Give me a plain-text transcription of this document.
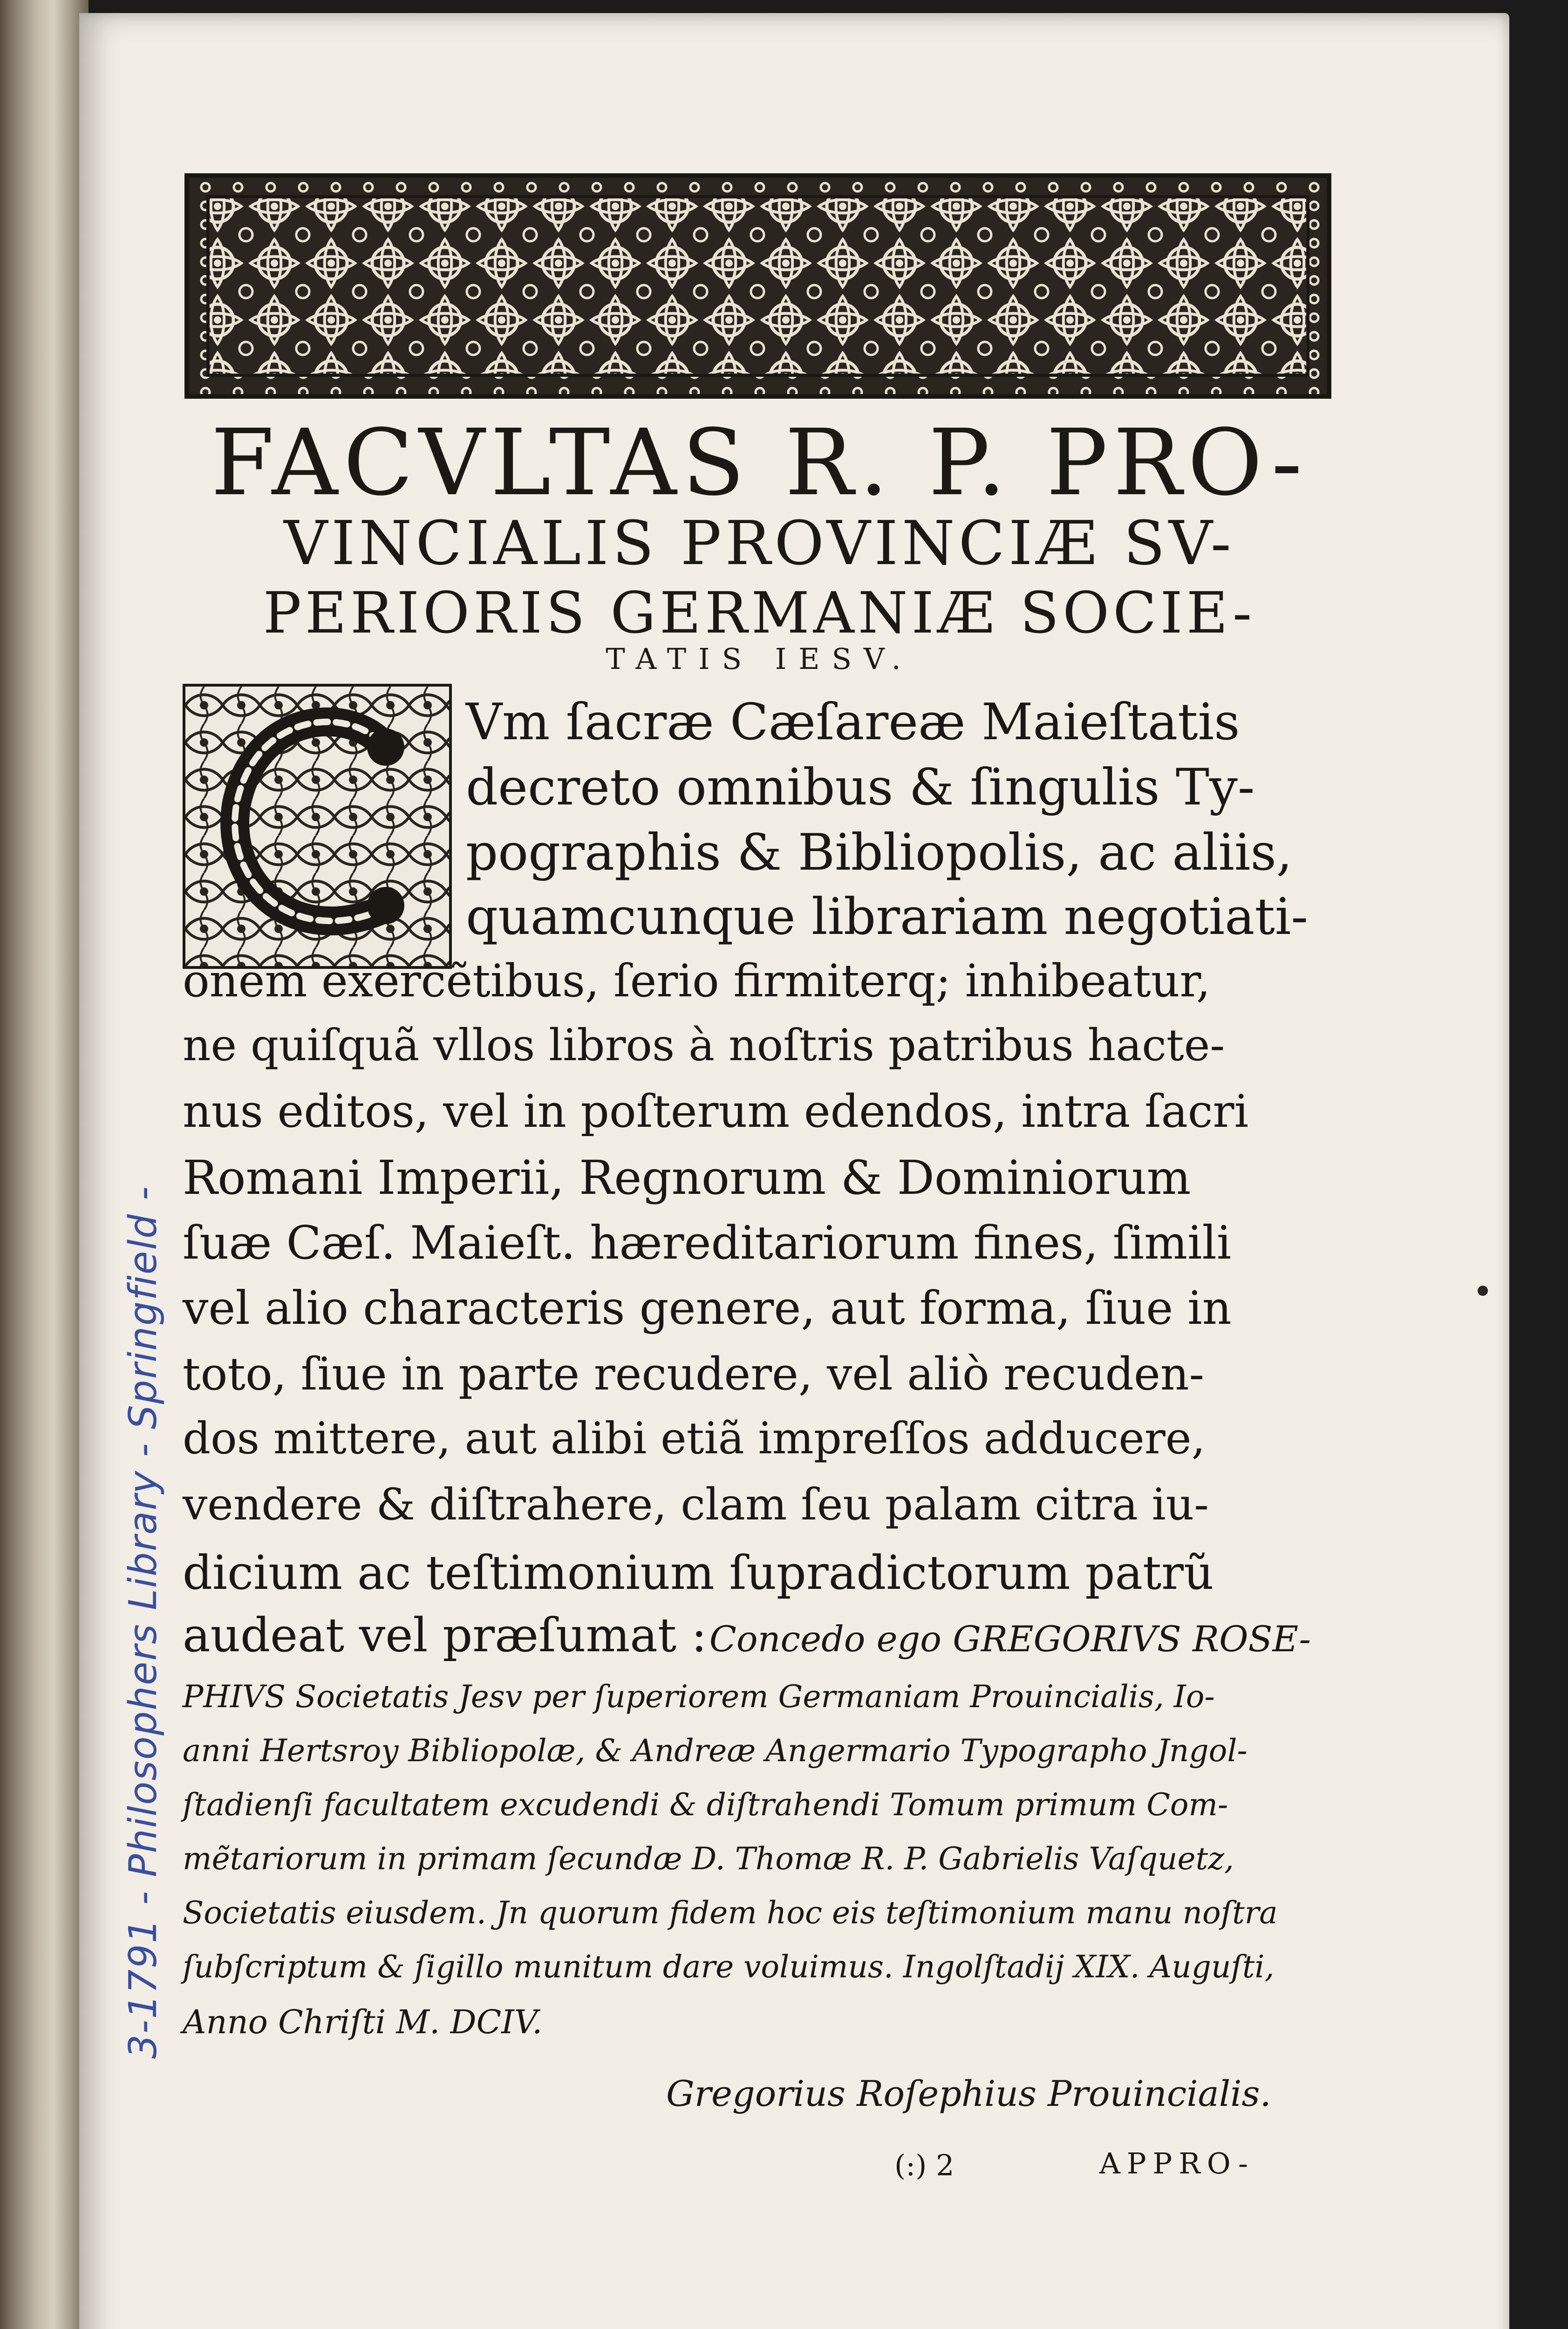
FACVLTAS R. P. PRO-
VINCIALIS PROVINCIÆ SV-
PERIORIS GERMANIÆ SOCIE-
TATIS IESV.
Vm ſacræ Cæſareæ Maieſtatis
decreto omnibus & ſingulis Ty-
pographis & Bibliopolis, ac aliis,
quamcunque librariam negotiati-
onem exercẽtibus, ſerio firmiterq; inhibeatur,
ne quiſquã vllos libros à noſtris patribus hacte-
nus editos, vel in poſterum edendos, intra ſacri
Romani Imperii, Regnorum & Dominiorum
ſuæ Cæſ. Maieſt. hæreditariorum fines, ſimili
vel alio characteris genere, aut forma, ſiue in
toto, ſiue in parte recudere, vel aliò recuden-
dos mittere, aut alibi etiã impreſſos adducere,
vendere & diſtrahere, clam ſeu palam citra iu-
dicium ac teſtimonium ſupradictorum patrũ
audeat vel præſumat : Concedo ego GREGORIVS ROSE-
PHIVS Societatis Jesv per ſuperiorem Germaniam Prouincialis, Io-
anni Hertsroy Bibliopolæ, & Andreæ Angermario Typographo Jngol-
ſtadienſi facultatem excudendi & diſtrahendi Tomum primum Com-
mẽtariorum in primam ſecundæ D. Thomæ R. P. Gabrielis Vaſquetz,
Societatis eiusdem. Jn quorum fidem hoc eis teſtimonium manu noſtra
ſubſcriptum & ſigillo munitum dare voluimus. Ingolſtadij XIX. Auguſti,
Anno Chriſti M. DCIV.
Gregorius Roſephius Prouincialis.
(:) 2	APPRO-
3-1791 - Philosophers Library - Springfield -
